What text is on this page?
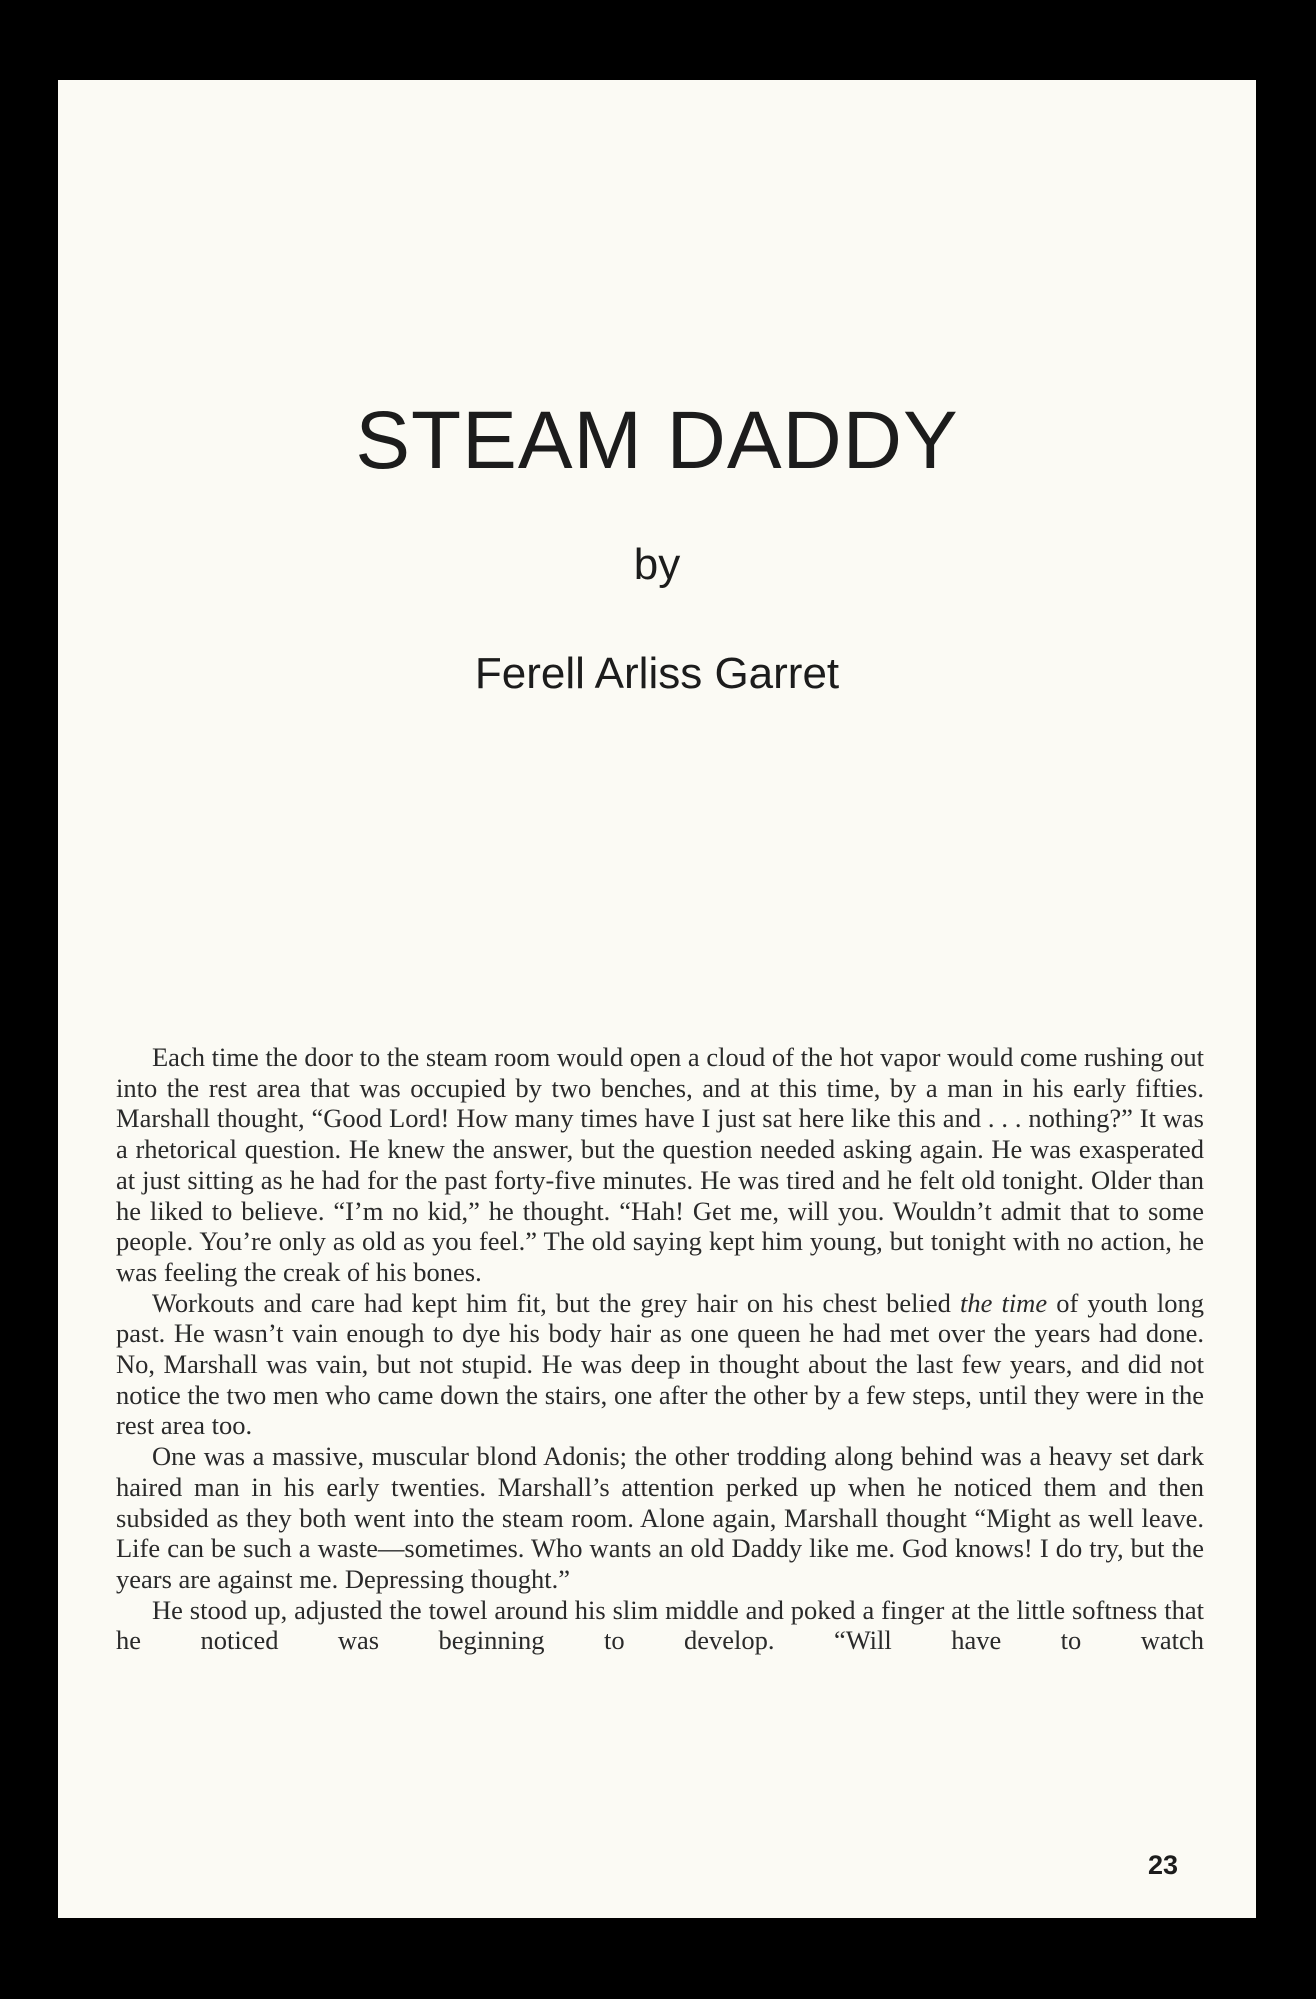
STEAM DADDY
by
Ferell Arliss Garret

Each time the door to the steam room would open a cloud of the hot vapor would come rushing out into the rest area that was occupied by two benches, and at this time, by a man in his early fifties. Marshall thought, “Good Lord! How many times have I just sat here like this and . . . nothing?” It was a rhetorical question. He knew the answer, but the question needed asking again. He was exasperated at just sitting as he had for the past forty-five minutes. He was tired and he felt old tonight. Older than he liked to believe. “I’m no kid,” he thought. “Hah! Get me, will you. Wouldn’t admit that to some people. You’re only as old as you feel.” The old saying kept him young, but tonight with no action, he was feeling the creak of his bones.

Workouts and care had kept him fit, but the grey hair on his chest belied the time of youth long past. He wasn’t vain enough to dye his body hair as one queen he had met over the years had done. No, Marshall was vain, but not stupid. He was deep in thought about the last few years, and did not notice the two men who came down the stairs, one after the other by a few steps, until they were in the rest area too.

One was a massive, muscular blond Adonis; the other trodding along behind was a heavy set dark haired man in his early twenties. Marshall’s attention perked up when he noticed them and then subsided as they both went into the steam room. Alone again, Marshall thought “Might as well leave. Life can be such a waste—sometimes. Who wants an old Daddy like me. God knows! I do try, but the years are against me. Depressing thought.”

He stood up, adjusted the towel around his slim middle and poked a finger at the little softness that he noticed was beginning to develop. “Will have to watch

23
